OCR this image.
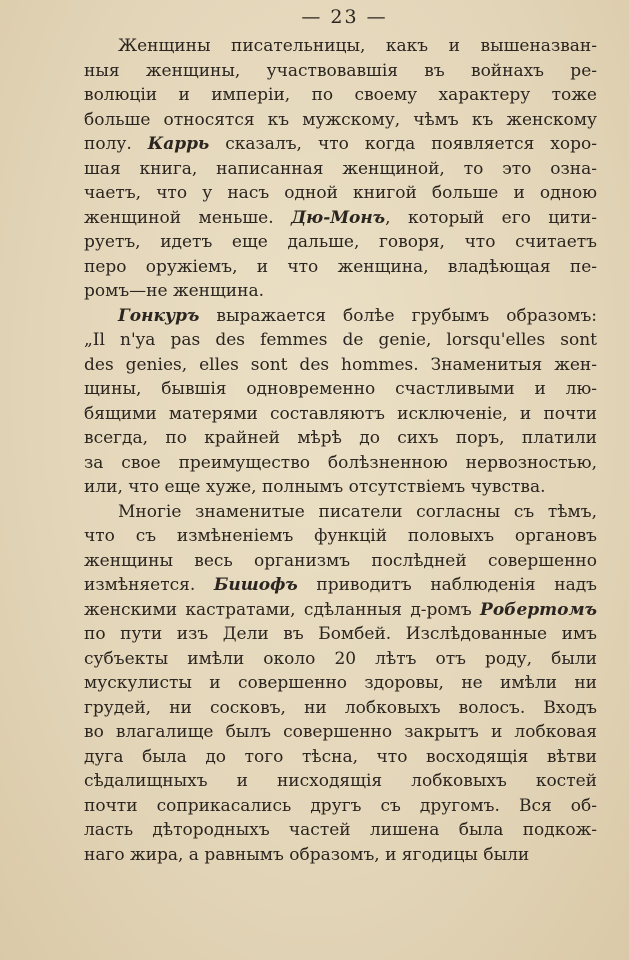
— 23 —
Женщины писательницы, какъ и вышеназван-
ныя женщины, участвовавшія въ войнахъ ре-
волюціи и имперіи, по своему характеру тоже
больше относятся къ мужскому, чѣмъ къ женскому
полу. Каррь сказалъ, что когда появляется хоро-
шая книга, написанная женщиной, то это озна-
чаетъ, что у насъ одной книгой больше и одною
женщиной меньше. Дю-Монъ, который его цити-
руетъ, идетъ еще дальше, говоря, что считаетъ
перо оружіемъ, и что женщина, владѣющая пе-
ромъ—не женщина.
Гонкуръ выражается болѣе грубымъ образомъ:
„Il n'ya pas des femmes de genie, lorsqu'elles sont
des genies, elles sont des hommes. Знаменитыя жен-
щины, бывшія одновременно счастливыми и лю-
бящими матерями составляютъ исключеніе, и почти
всегда, по крайней мѣрѣ до сихъ поръ, платили
за свое преимущество болѣзненною нервозностью,
или, что еще хуже, полнымъ отсутствіемъ чувства.
Многіе знаменитые писатели согласны съ тѣмъ,
что съ измѣненіемъ функцій половыхъ органовъ
женщины весь организмъ послѣдней совершенно
измѣняется. Бишофъ приводитъ наблюденія надъ
женскими кастратами, сдѣланныя д-ромъ Робертомъ
по пути изъ Дели въ Бомбей. Изслѣдованные имъ
субъекты имѣли около 20 лѣтъ отъ роду, были
мускулисты и совершенно здоровы, не имѣли ни
грудей, ни сосковъ, ни лобковыхъ волосъ. Входъ
во влагалище былъ совершенно закрытъ и лобковая
дуга была до того тѣсна, что восходящія вѣтви
сѣдалищныхъ и нисходящія лобковыхъ костей
почти соприкасались другъ съ другомъ. Вся об-
ласть дѣтородныхъ частей лишена была подкож-
наго жира, а равнымъ образомъ, и ягодицы были
